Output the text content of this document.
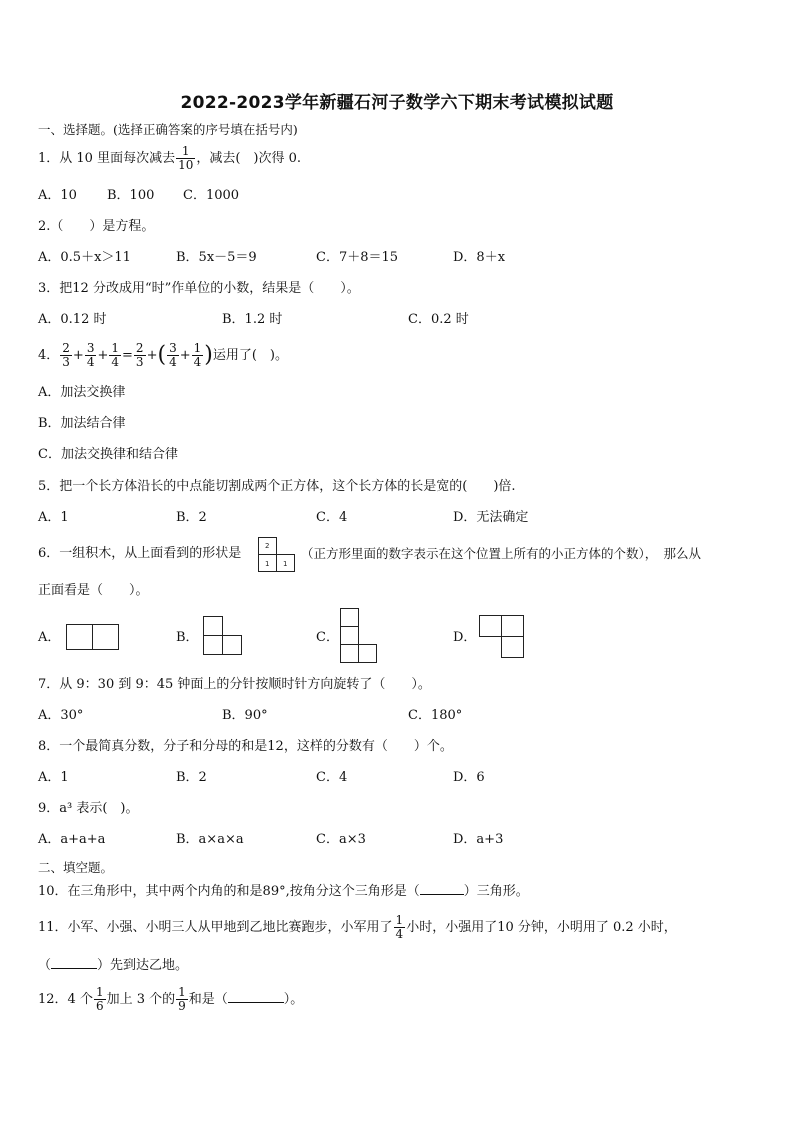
2022-2023学年新疆石河子数学六下期末考试模拟试题
一、选择题。(选择正确答案的序号填在括号内)
1．从 10 里面每次减去 $\frac{1}{10}$ ，减去(　)次得 0.
A．10 B．100 C．1000
2.（　　）是方程。
A．0.5＋x＞11	B．5x－5＝9	C．7＋8＝15	D．8＋x
3．把12 分改成用“时”作单位的小数，结果是（　　）。
A．0.12 时	B．1.2 时	C．0.2 时
4． $\frac{2}{3} + \frac{3}{4} + \frac{1}{4} = \frac{2}{3}$ +( $\frac{3}{4} + \frac{1}{4}$ )运用了(　)。
A．加法交换律
B．加法结合律
C．加法交换律和结合律
5．把一个长方体沿长的中点能切割成两个正方体，这个长方体的长是宽的(　　)倍.
A．1	B．2	C．4	D．无法确定
6．一组积木，从上面看到的形状是	2
1 1
（正方形里面的数字表示在这个位置上所有的小正方体的个数），　那么从
正面看是（　　）。
A．	B．	C．	D．
7．从 9：30 到 9：45 钟面上的分针按顺时针方向旋转了（　　）。
A．30°	B．90°	C．180°
8．一个最简真分数，分子和分母的和是12，这样的分数有（　　）个。
A．1	B．2	C．4	D．6
9．a³ 表示(　)。
A．a+a+a	B．a×a×a	C．a×3	D．a+3
二、填空题。
10．在三角形中，其中两个内角的和是89°,按角分这个三角形是（	）三角形。
11．小军、小强、小明三人从甲地到乙地比赛跑步，小军用了 $\frac{1}{4}$ 小时，小强用了10 分钟，小明用了 0.2 小时，
（	）先到达乙地。
12．4 个 $\frac{1}{6}$ 加上 3 个的 $\frac{1}{9}$ 和是（	）。
